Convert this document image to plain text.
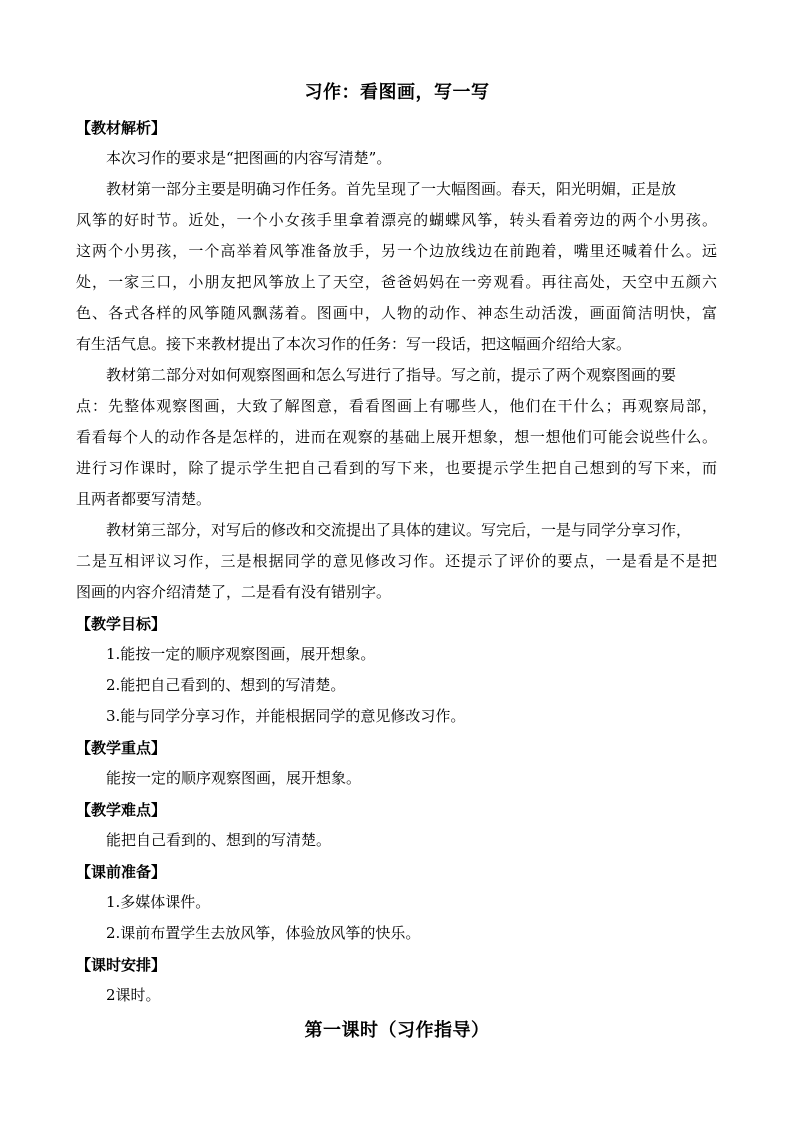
习作：看图画，写一写
【教材解析】
本次习作的要求是“把图画的内容写清楚”。
教材第一部分主要是明确习作任务。首先呈现了一大幅图画。春天，阳光明媚，正是放
风筝的好时节。近处，一个小女孩手里拿着漂亮的蝴蝶风筝，转头看着旁边的两个小男孩。
这两个小男孩，一个高举着风筝准备放手，另一个边放线边在前跑着，嘴里还喊着什么。远
处，一家三口，小朋友把风筝放上了天空，爸爸妈妈在一旁观看。再往高处，天空中五颜六
色、各式各样的风筝随风飘荡着。图画中，人物的动作、神态生动活泼，画面简洁明快，富
有生活气息。接下来教材提出了本次习作的任务：写一段话，把这幅画介绍给大家。
教材第二部分对如何观察图画和怎么写进行了指导。写之前，提示了两个观察图画的要
点：先整体观察图画，大致了解图意，看看图画上有哪些人，他们在干什么；再观察局部，
看看每个人的动作各是怎样的，进而在观察的基础上展开想象，想一想他们可能会说些什么。
进行习作课时，除了提示学生把自己看到的写下来，也要提示学生把自己想到的写下来，而
且两者都要写清楚。
教材第三部分，对写后的修改和交流提出了具体的建议。写完后，一是与同学分享习作，
二是互相评议习作，三是根据同学的意见修改习作。还提示了评价的要点，一是看是不是把
图画的内容介绍清楚了，二是看有没有错别字。
【教学目标】
1.能按一定的顺序观察图画，展开想象。
2.能把自己看到的、想到的写清楚。
3.能与同学分享习作，并能根据同学的意见修改习作。
【教学重点】
能按一定的顺序观察图画，展开想象。
【教学难点】
能把自己看到的、想到的写清楚。
【课前准备】
1.多媒体课件。
2.课前布置学生去放风筝，体验放风筝的快乐。
【课时安排】
2课时。
第一课时（习作指导）
